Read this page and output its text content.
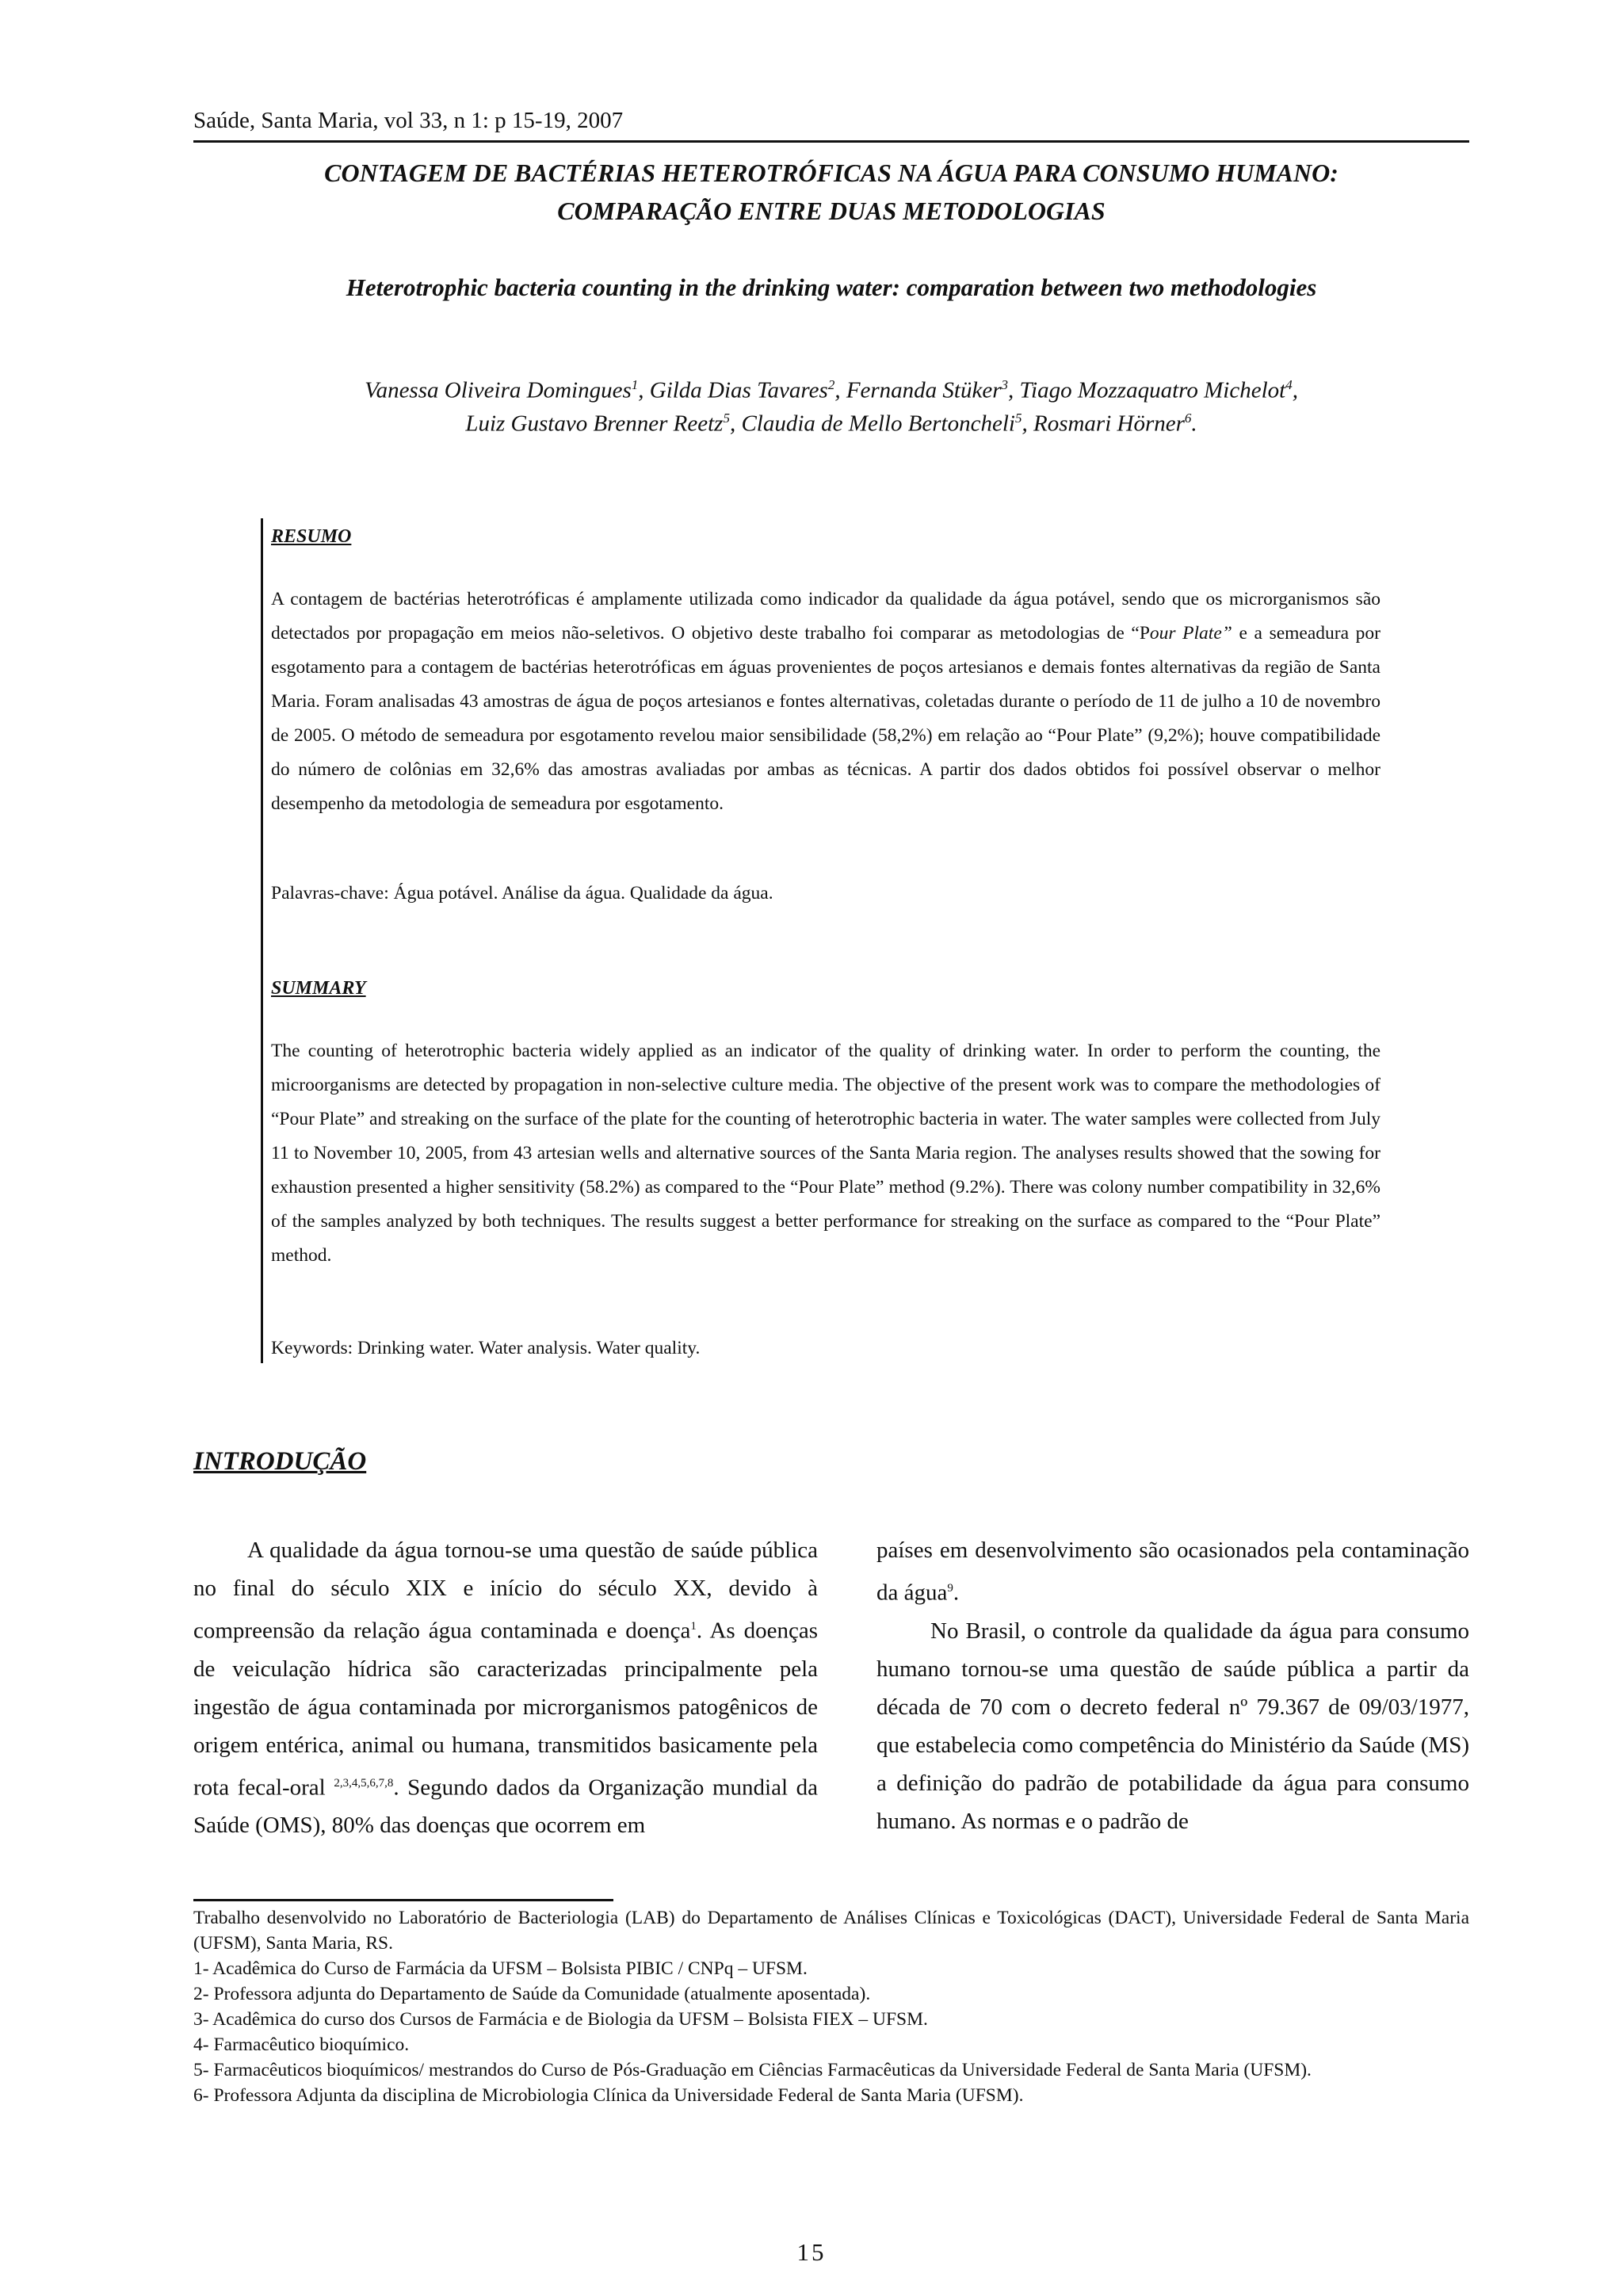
Saúde, Santa Maria, vol 33, n 1: p 15-19, 2007
CONTAGEM DE BACTÉRIAS HETEROTRÓFICAS NA ÁGUA PARA CONSUMO HUMANO:
COMPARAÇÃO ENTRE DUAS METODOLOGIAS
Heterotrophic bacteria counting in the drinking water: comparation between two methodologies
Vanessa Oliveira Domingues$^1$, Gilda Dias Tavares$^2$, Fernanda Stüker$^3$, Tiago Mozzaquatro Michelot$^4$,
Luiz Gustavo Brenner Reetz$^5$, Claudia de Mello Bertoncheli$^5$, Rosmari Hörner$^6$.
RESUMO
A contagem de bactérias heterotróficas é amplamente utilizada como indicador da qualidade da água potável, sendo que os microrganismos são detectados por propagação em meios não-seletivos. O objetivo deste trabalho foi comparar as metodologias de “Pour Plate” e a semeadura por esgotamento para a contagem de bactérias heterotróficas em águas provenientes de poços artesianos e demais fontes alternativas da região de Santa Maria. Foram analisadas 43 amostras de água de poços artesianos e fontes alternativas, coletadas durante o período de 11 de julho a 10 de novembro de 2005. O método de semeadura por esgotamento revelou maior sensibilidade (58,2%) em relação ao “Pour Plate” (9,2%); houve compatibilidade do número de colônias em 32,6% das amostras avaliadas por ambas as técnicas. A partir dos dados obtidos foi possível observar o melhor desempenho da metodologia de semeadura por esgotamento.
Palavras-chave: Água potável. Análise da água. Qualidade da água.
SUMMARY
The counting of heterotrophic bacteria widely applied as an indicator of the quality of drinking water. In order to perform the counting, the microorganisms are detected by propagation in non-selective culture media. The objective of the present work was to compare the methodologies of “Pour Plate” and streaking on the surface of the plate for the counting of heterotrophic bacteria in water. The water samples were collected from July 11 to November 10, 2005, from 43 artesian wells and alternative sources of the Santa Maria region. The analyses results showed that the sowing for exhaustion presented a higher sensitivity (58.2%) as compared to the “Pour Plate” method (9.2%). There was colony number compatibility in 32,6% of the samples analyzed by both techniques. The results suggest a better performance for streaking on the surface as compared to the “Pour Plate” method.
Keywords: Drinking water. Water analysis. Water quality.
INTRODUÇÃO

A qualidade da água tornou-se uma questão de saúde pública no final do século XIX e início do século XX, devido à compreensão da relação água contaminada e doença$^1$. As doenças de veiculação hídrica são caracterizadas principalmente pela ingestão de água contaminada por microrganismos patogênicos de origem entérica, animal ou humana, transmitidos basicamente pela rota fecal-oral $^{2,3,4,5,6,7,8}$. Segundo dados da Organização mundial da Saúde (OMS), 80% das doenças que ocorrem em

países em desenvolvimento são ocasionados pela contaminação da água$^9$.

No Brasil, o controle da qualidade da água para consumo humano tornou-se uma questão de saúde pública a partir da década de 70 com o decreto federal nº 79.367 de 09/03/1977, que estabelecia como competência do Ministério da Saúde (MS) a definição do padrão de potabilidade da água para consumo humano. As normas e o padrão de

Trabalho desenvolvido no Laboratório de Bacteriologia (LAB) do Departamento de Análises Clínicas e Toxicológicas (DACT), Universidade Federal de Santa Maria (UFSM), Santa Maria, RS.
1- Acadêmica do Curso de Farmácia da UFSM – Bolsista PIBIC / CNPq – UFSM.
2- Professora adjunta do Departamento de Saúde da Comunidade (atualmente aposentada).
3- Acadêmica do curso dos Cursos de Farmácia e de Biologia da UFSM – Bolsista FIEX – UFSM.
4- Farmacêutico bioquímico.
5- Farmacêuticos bioquímicos/ mestrandos do Curso de Pós-Graduação em Ciências Farmacêuticas da Universidade Federal de Santa Maria (UFSM).
6- Professora Adjunta da disciplina de Microbiologia Clínica da Universidade Federal de Santa Maria (UFSM).
15
